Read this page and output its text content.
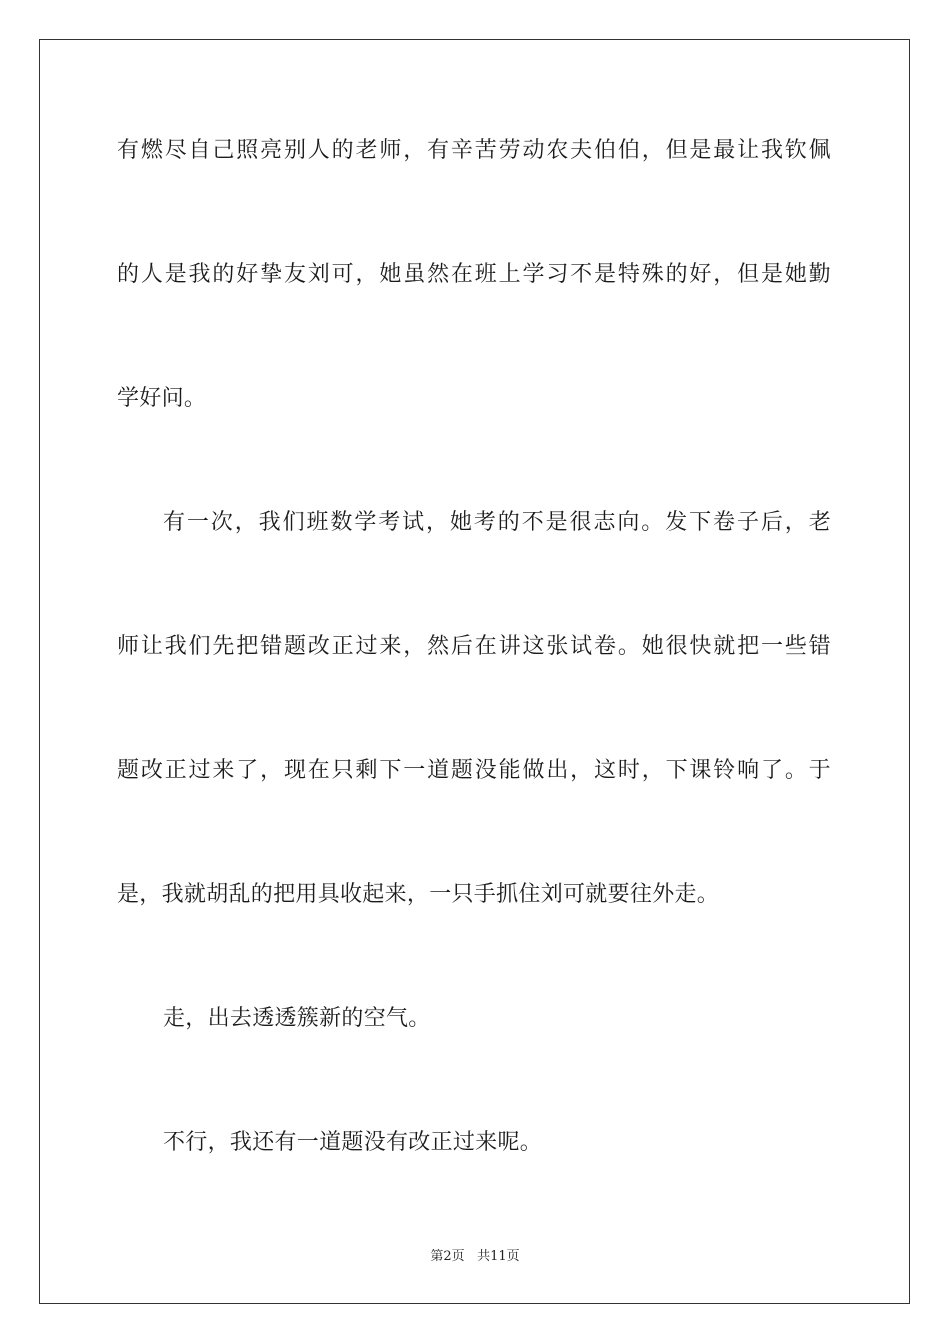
有燃尽自己照亮别人的老师，有辛苦劳动农夫伯伯，但是最让我钦佩
的人是我的好挚友刘可，她虽然在班上学习不是特殊的好，但是她勤
学好问。
有一次，我们班数学考试，她考的不是很志向。发下卷子后，老
师让我们先把错题改正过来，然后在讲这张试卷。她很快就把一些错
题改正过来了，现在只剩下一道题没能做出，这时，下课铃响了。于
是，我就胡乱的把用具收起来，一只手抓住刘可就要往外走。
走，出去透透簇新的空气。
不行，我还有一道题没有改正过来呢。
第2页 共11页
